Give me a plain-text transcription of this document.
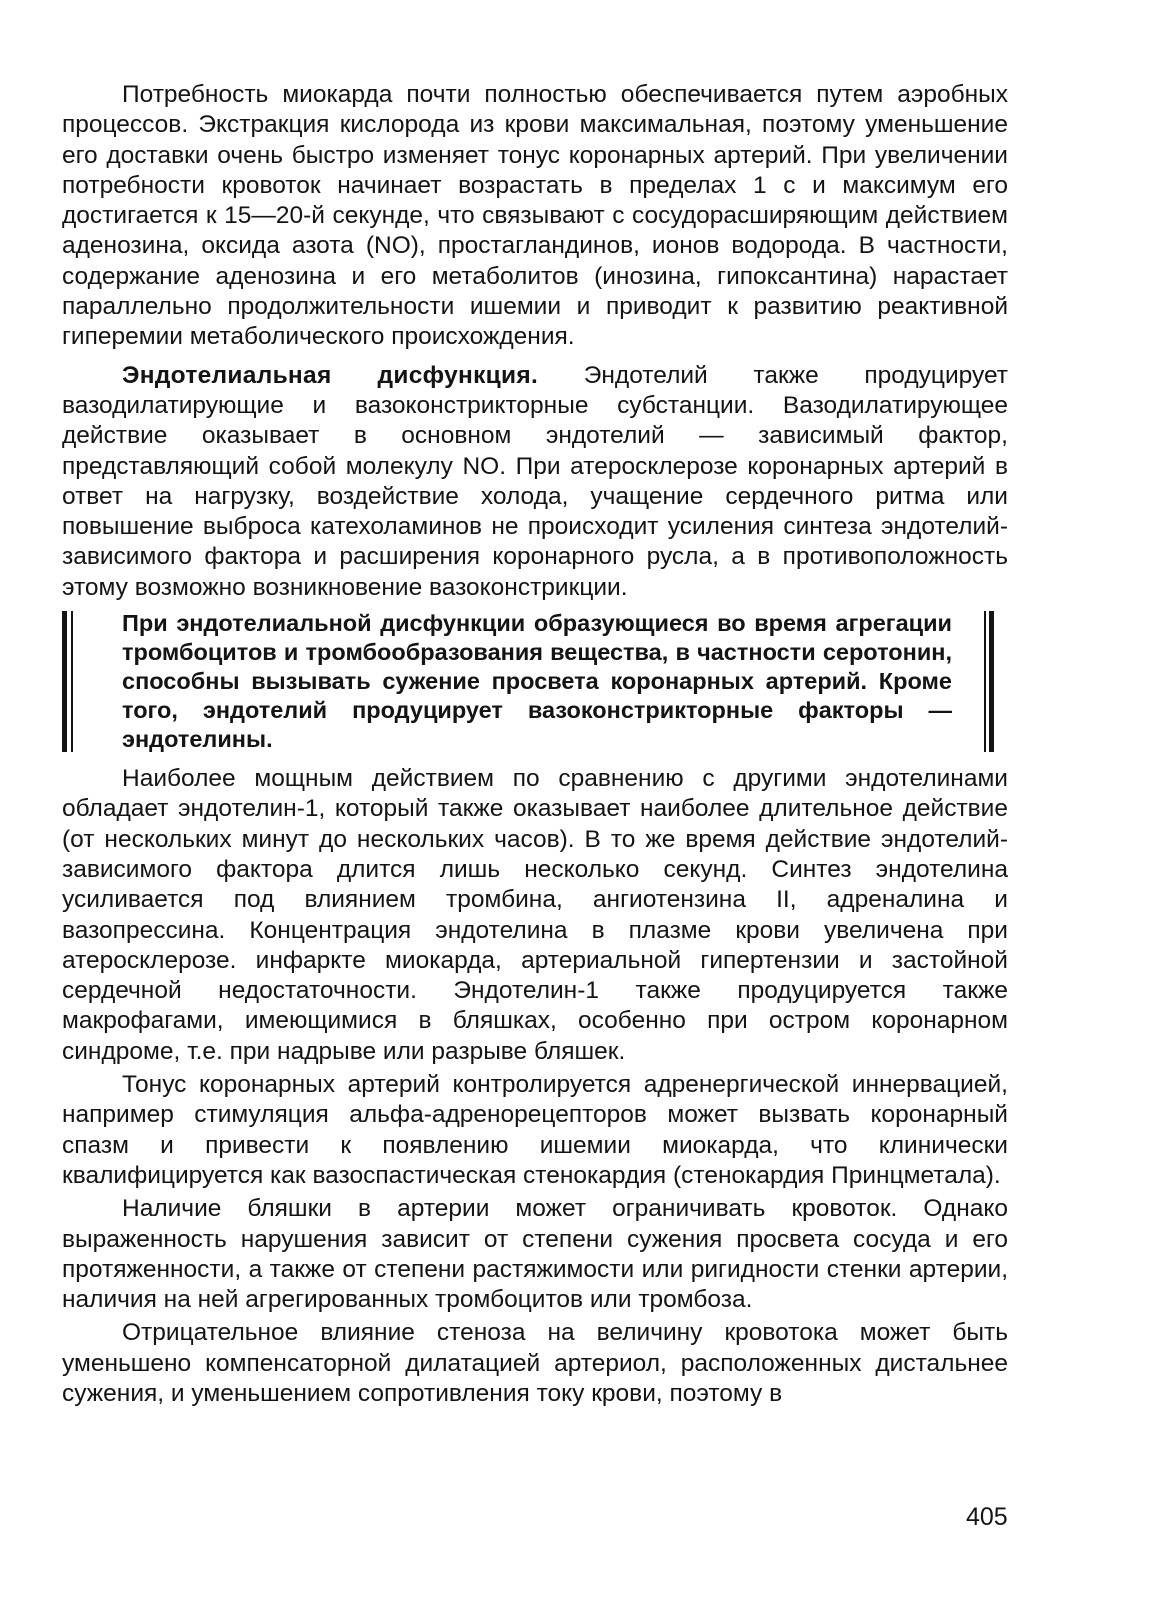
Потребность миокарда почти полностью обеспечивается путем аэробных процессов. Экстракция кислорода из крови максимальная, поэтому уменьшение его доставки очень быстро изменяет тонус коронарных артерий. При увеличении потребности кровоток начинает возрастать в пределах 1 с и максимум его достигается к 15—20-й секунде, что связывают с сосудорасширяющим действием аденозина, оксида азота (NO), простагландинов, ионов водорода. В частности, содержание аденозина и его метаболитов (инозина, гипоксантина) нарастает параллельно продолжительности ишемии и приводит к развитию реактивной гиперемии метаболического происхождения.

Эндотелиальная дисфункция. Эндотелий также продуцирует вазодилатирующие и вазоконстрикторные субстанции. Вазодилатирующее действие оказывает в основном эндотелий — зависимый фактор, представляющий собой молекулу NO. При атеросклерозе коронарных артерий в ответ на нагрузку, воздействие холода, учащение сердечного ритма или повышение выброса катехоламинов не происходит усиления синтеза эндотелий-зависимого фактора и расширения коронарного русла, а в противоположность этому возможно возникновение вазоконстрикции.

При эндотелиальной дисфункции образующиеся во время агрегации тромбоцитов и тромбообразования вещества, в частности серотонин, способны вызывать сужение просвета коронарных артерий. Кроме того, эндотелий продуцирует вазоконстрикторные факторы — эндотелины.

Наиболее мощным действием по сравнению с другими эндотелинами обладает эндотелин-1, который также оказывает наиболее длительное действие (от нескольких минут до нескольких часов). В то же время действие эндотелий-зависимого фактора длится лишь несколько секунд. Синтез эндотелина усиливается под влиянием тромбина, ангиотензина II, адреналина и вазопрессина. Концентрация эндотелина в плазме крови увеличена при атеросклерозе. инфаркте миокарда, артериальной гипертензии и застойной сердечной недостаточности. Эндотелин-1 также продуцируется также макрофагами, имеющимися в бляшках, особенно при остром коронарном синдроме, т.е. при надрыве или разрыве бляшек.

Тонус коронарных артерий контролируется адренергической иннервацией, например стимуляция альфа-адренорецепторов может вызвать коронарный спазм и привести к появлению ишемии миокарда, что клинически квалифицируется как вазоспастическая стенокардия (стенокардия Принцметала).

Наличие бляшки в артерии может ограничивать кровоток. Однако выраженность нарушения зависит от степени сужения просвета сосуда и его протяженности, а также от степени растяжимости или ригидности стенки артерии, наличия на ней агрегированных тромбоцитов или тромбоза.

Отрицательное влияние стеноза на величину кровотока может быть уменьшено компенсаторной дилатацией артериол, расположенных дистальнее сужения, и уменьшением сопротивления току крови, поэтому в

405
